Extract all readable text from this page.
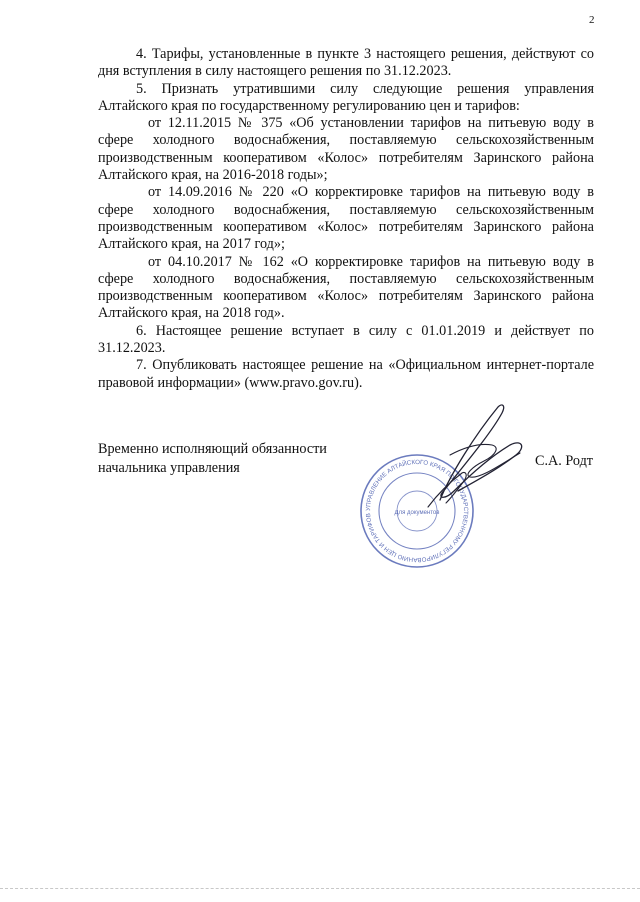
2

4. Тарифы, установленные в пункте 3 настоящего решения, действуют со дня вступления в силу настоящего решения по 31.12.2023.

5. Признать утратившими силу следующие решения управления Алтайского края по государственному регулированию цен и тарифов:

от 12.11.2015 № 375 «Об установлении тарифов на питьевую воду в сфере холодного водоснабжения, поставляемую сельскохозяйственным производственным кооперативом «Колос» потребителям Заринского района Алтайского края, на 2016-2018 годы»;

от 14.09.2016 № 220 «О корректировке тарифов на питьевую воду в сфере холодного водоснабжения, поставляемую сельскохозяйственным производственным кооперативом «Колос» потребителям Заринского района Алтайского края, на 2017 год»;

от 04.10.2017 № 162 «О корректировке тарифов на питьевую воду в сфере холодного водоснабжения, поставляемую сельскохозяйственным производственным кооперативом «Колос» потребителям Заринского района Алтайского края, на 2018 год».

6. Настоящее решение вступает в силу с 01.01.2019 и действует по 31.12.2023.

7. Опубликовать настоящее решение на «Официальном интернет-портале правовой информации» (www.pravo.gov.ru).

Временно исполняющий обязанности начальника управления	С.А. Родт
УПРАВЛЕНИЕ АЛТАЙСКОГО КРАЯ ПО ГОСУДАРСТВЕННОМУ РЕГУЛИРОВАНИЮ ЦЕН И ТАРИФОВ	Для документов
